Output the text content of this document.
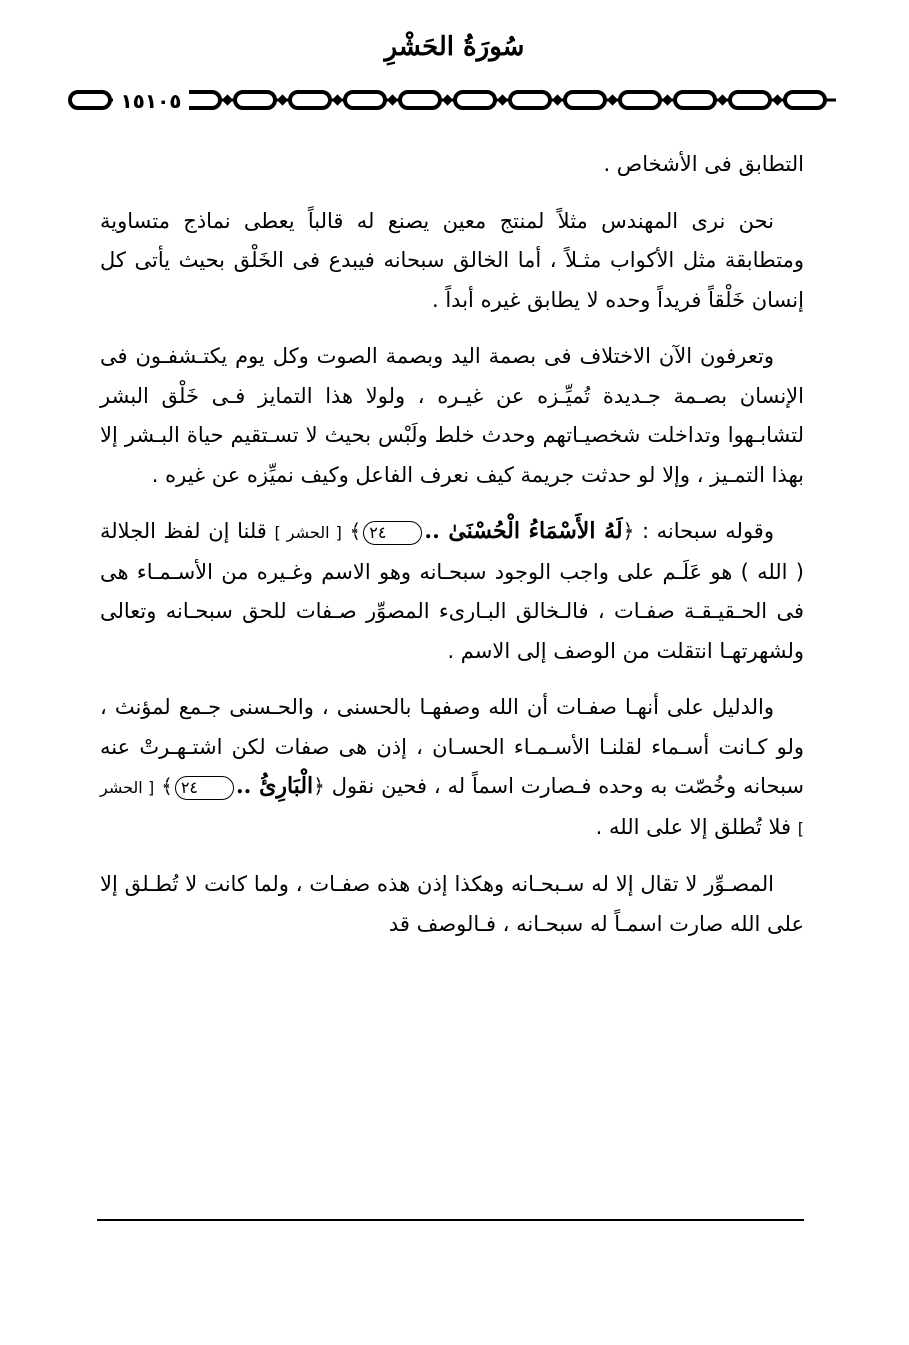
سُورَةُ الحَشْرِ
١٥١٠٥

التطابق فى الأشخاص .

نحن نرى المهندس مثلاً لمنتج معين يصنع له قالباً يعطى نماذج متساوية ومتطابقة مثل الأكواب مثـلاً ، أما الخالق سبحانه فيبدع فى الخَلْق بحيث يأتى كل إنسان خَلْقاً فريداً وحده لا يطابق غيره أبداً .

وتعرفون الآن الاختلاف فى بصمة اليد وبصمة الصوت وكل يوم يكتـشفـون فى الإنسان بصـمة جـديدة تُميِّـزه عن غيـره ، ولولا هذا التمايز فـى خَلْق البشر لتشابـهوا وتداخلت شخصيـاتهم وحدث خلط ولَبْس بحيث لا تسـتقيم حياة البـشر إلا بهذا التمـيز ، وإلا لو حدثت جريمة كيف نعرف الفاعل وكيف نميِّزه عن غيره .

وقوله سبحانه : ﴿لَهُ الأَسْمَاءُ الْحُسْنَىٰ ..٢٤﴾ [ الحشر ] قلنا إن لفظ الجلالة ( الله ) هو عَلَـم على واجب الوجود سبحـانه وهو الاسم وغـيره من الأسـمـاء هى فى الحـقيـقـة صفـات ، فالـخالق البـارىء المصوِّر صـفات للحق سبحـانه وتعالى ولشهرتهـا انتقلت من الوصف إلى الاسم .

والدليل على أنهـا صفـات أن الله وصفهـا بالحسنى ، والحـسنى جـمع لمؤنث ، ولو كـانت أسـماء لقلنـا الأسـمـاء الحسـان ، إذن هى صفات لكن اشتـهـرتْ عنه سبحانه وخُصّت به وحده فـصارت اسماً له ، فحين نقول ﴿الْبَارِئُ ..٢٤﴾ [ الحشر ] فلا تُطلق إلا على الله .

المصـوِّر لا تقال إلا له سـبحـانه وهكذا إذن هذه صفـات ، ولما كانت لا تُطـلق إلا على الله صارت اسمـاً له سبحـانه ، فـالوصف قد
